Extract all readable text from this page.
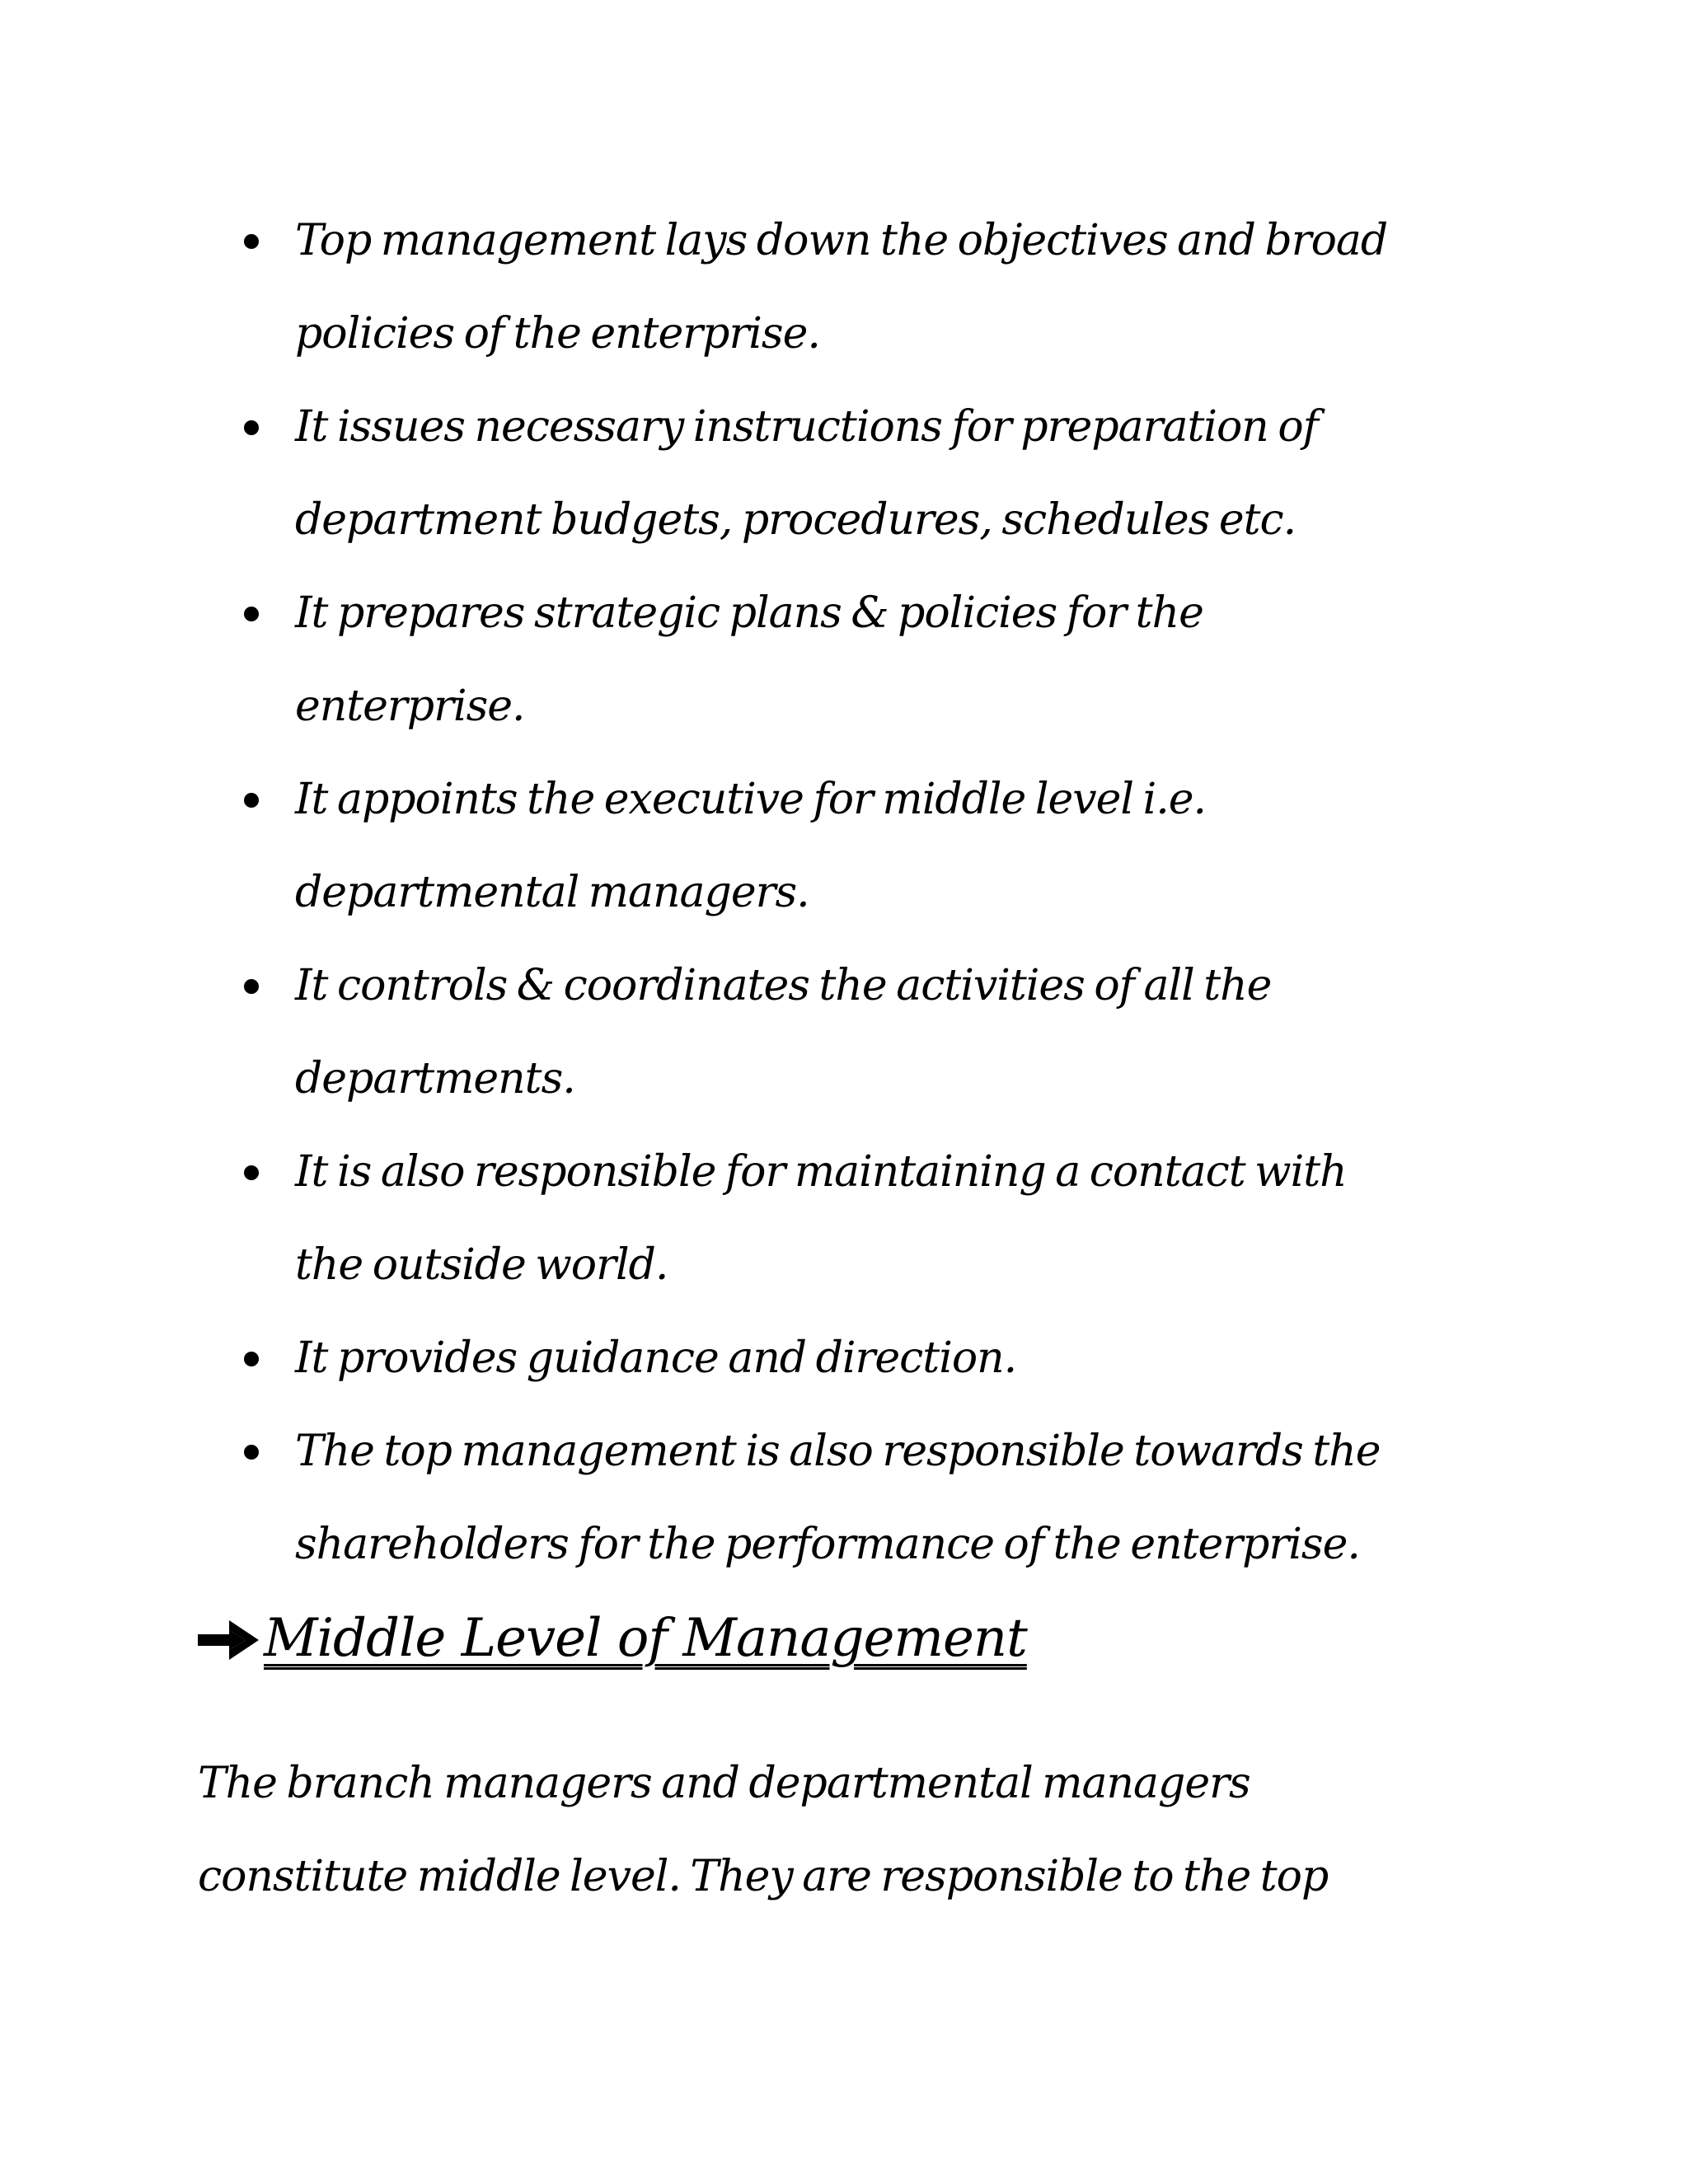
Top management lays down the objectives and broad
policies of the enterprise.
It issues necessary instructions for preparation of
department budgets, procedures, schedules etc.
It prepares strategic plans & policies for the
enterprise.
It appoints the executive for middle level i.e.
departmental managers.
It controls & coordinates the activities of all the
departments.
It is also responsible for maintaining a contact with
the outside world.
It provides guidance and direction.
The top management is also responsible towards the
shareholders for the performance of the enterprise.
Middle Level of Management

The branch managers and departmental managers
constitute middle level. They are responsible to the top
